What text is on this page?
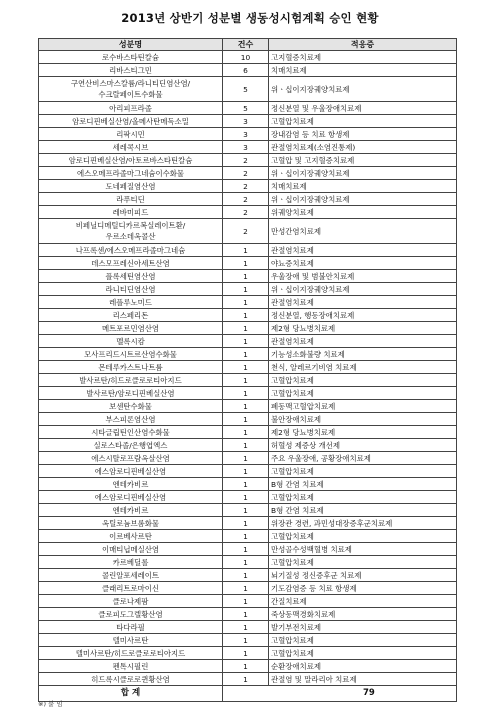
2013년 상반기 성분별 생동성시험계획 승인 현황
성분명	건수	적응증
로수바스타틴칼슘	10	고지혈증치료제
리바스티그민	6	치매치료제
구연산비스마스칼륨/라니티딘염산염/
수크랄페이트수화물	5	위ㆍ십이지장궤양치료제
아리피프라졸	5	정신분열 및 우울장애치료제
암로디핀베실산염/올메사탄메독소밀	3	고혈압치료제
리팍시민	3	장내감염 등 치료 항생제
세레콕시브	3	관절염치료제(소염진통제)
암로디핀베실산염/아토르바스타틴칼슘	2	고혈압 및 고지혈증치료제
에스오메프라졸마그네슘이수화물	2	위ㆍ십이지장궤양치료제
도네페질염산염	2	치매치료제
라푸티딘	2	위ㆍ십이지장궤양치료제
레바미피드	2	위궤양치료제
비페닐디메틸디카르복실레이트환/
우르소데옥콜산	2	만성간염치료제
나프록센/에스오메프라졸마그네슘	1	관절염치료제
데스모프레신아세트산염	1	야뇨증치료제
플록세틴염산염	1	우울장애 및 범불안치료제
라니티딘염산염	1	위ㆍ십이지장궤양치료제
레플루노미드	1	관절염치료제
리스페리돈	1	정신분열, 행동장애치료제
메트포르민염산염	1	제2형 당뇨병치료제
멜록시캄	1	관절염치료제
모사프리드시트르산염수화물	1	기능성소화불량 치료제
몬테루카스트나트륨	1	천식, 알레르기비염 치료제
발사르탄/히드로클로로티아지드	1	고혈압치료제
발사르탄/암로디핀베실산염	1	고혈압치료제
보센탄수화물	1	폐동맥고혈압치료제
부스피론염산염	1	불안장애치료제
시타글립틴인산염수화물	1	제2형 당뇨병치료제
실로스타졸/은행엽엑스	1	허혈성 제증상 개선제
에스시탈로프람옥살산염	1	주요 우울장애, 공황장애치료제
에스암로디핀베실산염	1	고혈압치료제
엔테카비르	1	B형 간염 치료제
에스암로디핀베실산염	1	고혈압치료제
엔테카비르	1	B형 간염 치료제
옥틸로늄브롬화물	1	위장관 경련, 과민성대장증후군치료제
이르베사르탄	1	고혈압치료제
이매티닙메실산염	1	만성골수성백혈병 치료제
카르베딜롤	1	고혈압치료제
콜린알포세레이트	1	뇌기질성 정신증후군 치료제
클래리트로마이신	1	기도감염증 등 치료 항생제
클로나제팜	1	간질치료제
클로피도그렐황산염	1	죽상동맥경화치료제
타다라필	1	발기부전치료제
텔미사르탄	1	고혈압치료제
텔미사르탄/히드로클로로티아지드	1	고혈압치료제
펜톡시필린	1	순환장애치료제
히드록시클로로퀸황산염	1	관절염 및 말라리아 치료제
합 계	79	
※) 붙 임
